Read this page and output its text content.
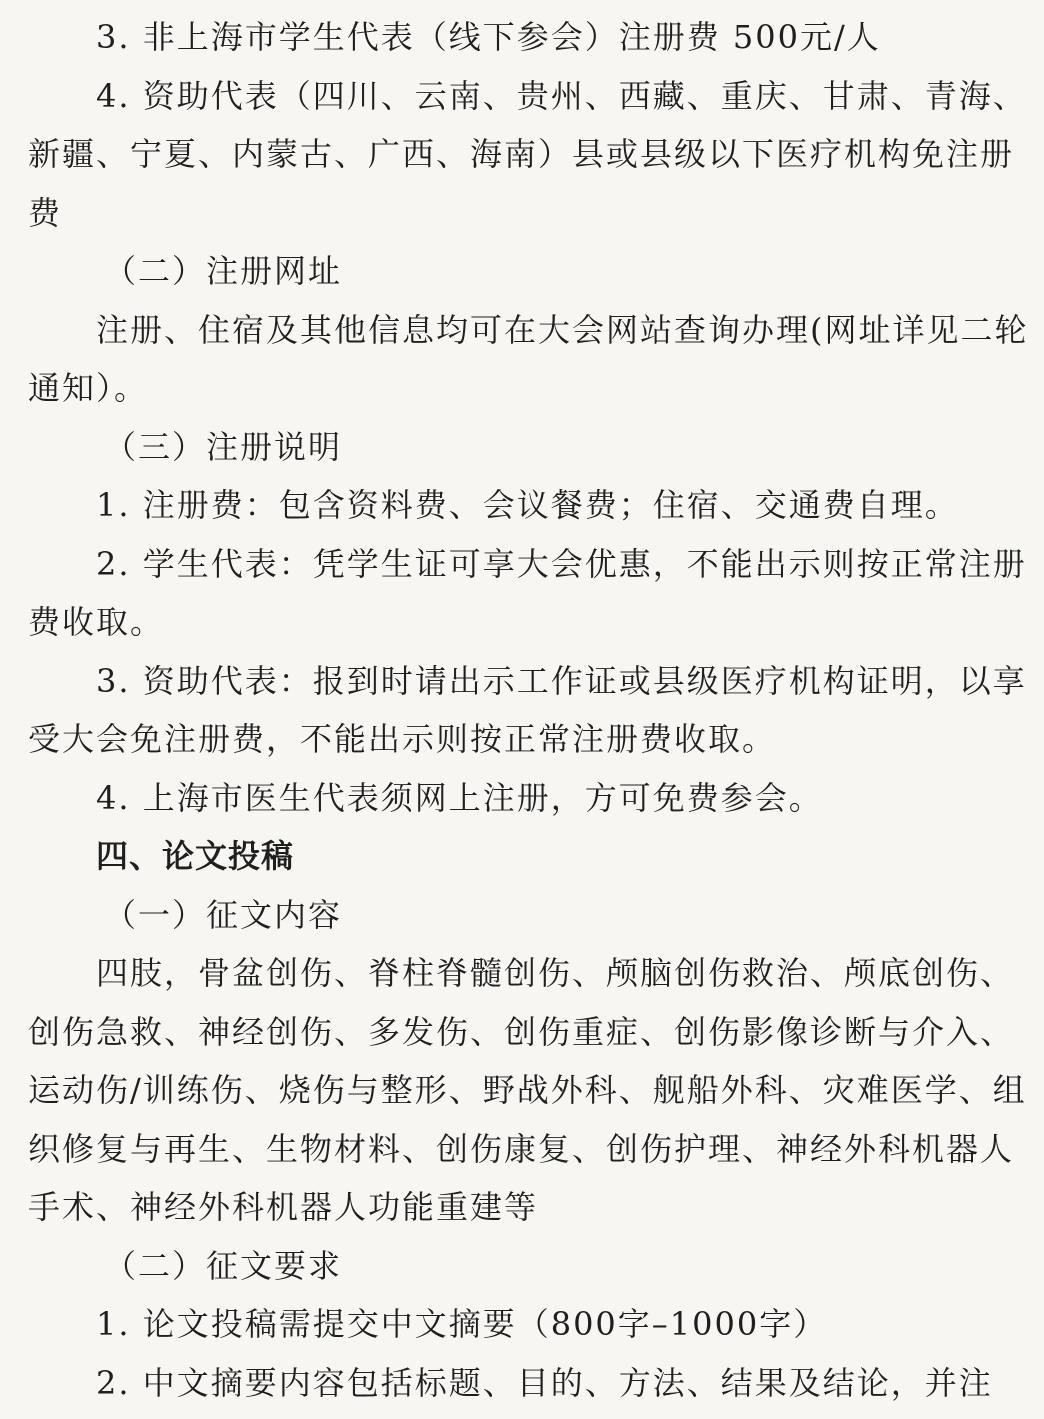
3. 非上海市学生代表（线下参会）注册费 500元/人
4. 资助代表（四川、云南、贵州、西藏、重庆、甘肃、青海、
新疆、宁夏、内蒙古、广西、海南）县或县级以下医疗机构免注册
费
（二）注册网址
注册、住宿及其他信息均可在大会网站查询办理(网址详见二轮
通知）。
（三）注册说明
1. 注册费：包含资料费、会议餐费；住宿、交通费自理。
2. 学生代表：凭学生证可享大会优惠，不能出示则按正常注册
费收取。
3. 资助代表：报到时请出示工作证或县级医疗机构证明，以享
受大会免注册费，不能出示则按正常注册费收取。
4. 上海市医生代表须网上注册，方可免费参会。
四、论文投稿
（一）征文内容
四肢，骨盆创伤、脊柱脊髓创伤、颅脑创伤救治、颅底创伤、
创伤急救、神经创伤、多发伤、创伤重症、创伤影像诊断与介入、
运动伤/训练伤、烧伤与整形、野战外科、舰船外科、灾难医学、组
织修复与再生、生物材料、创伤康复、创伤护理、神经外科机器人
手术、神经外科机器人功能重建等
（二）征文要求
1. 论文投稿需提交中文摘要（800字–1000字）
2. 中文摘要内容包括标题、目的、方法、结果及结论，并注
